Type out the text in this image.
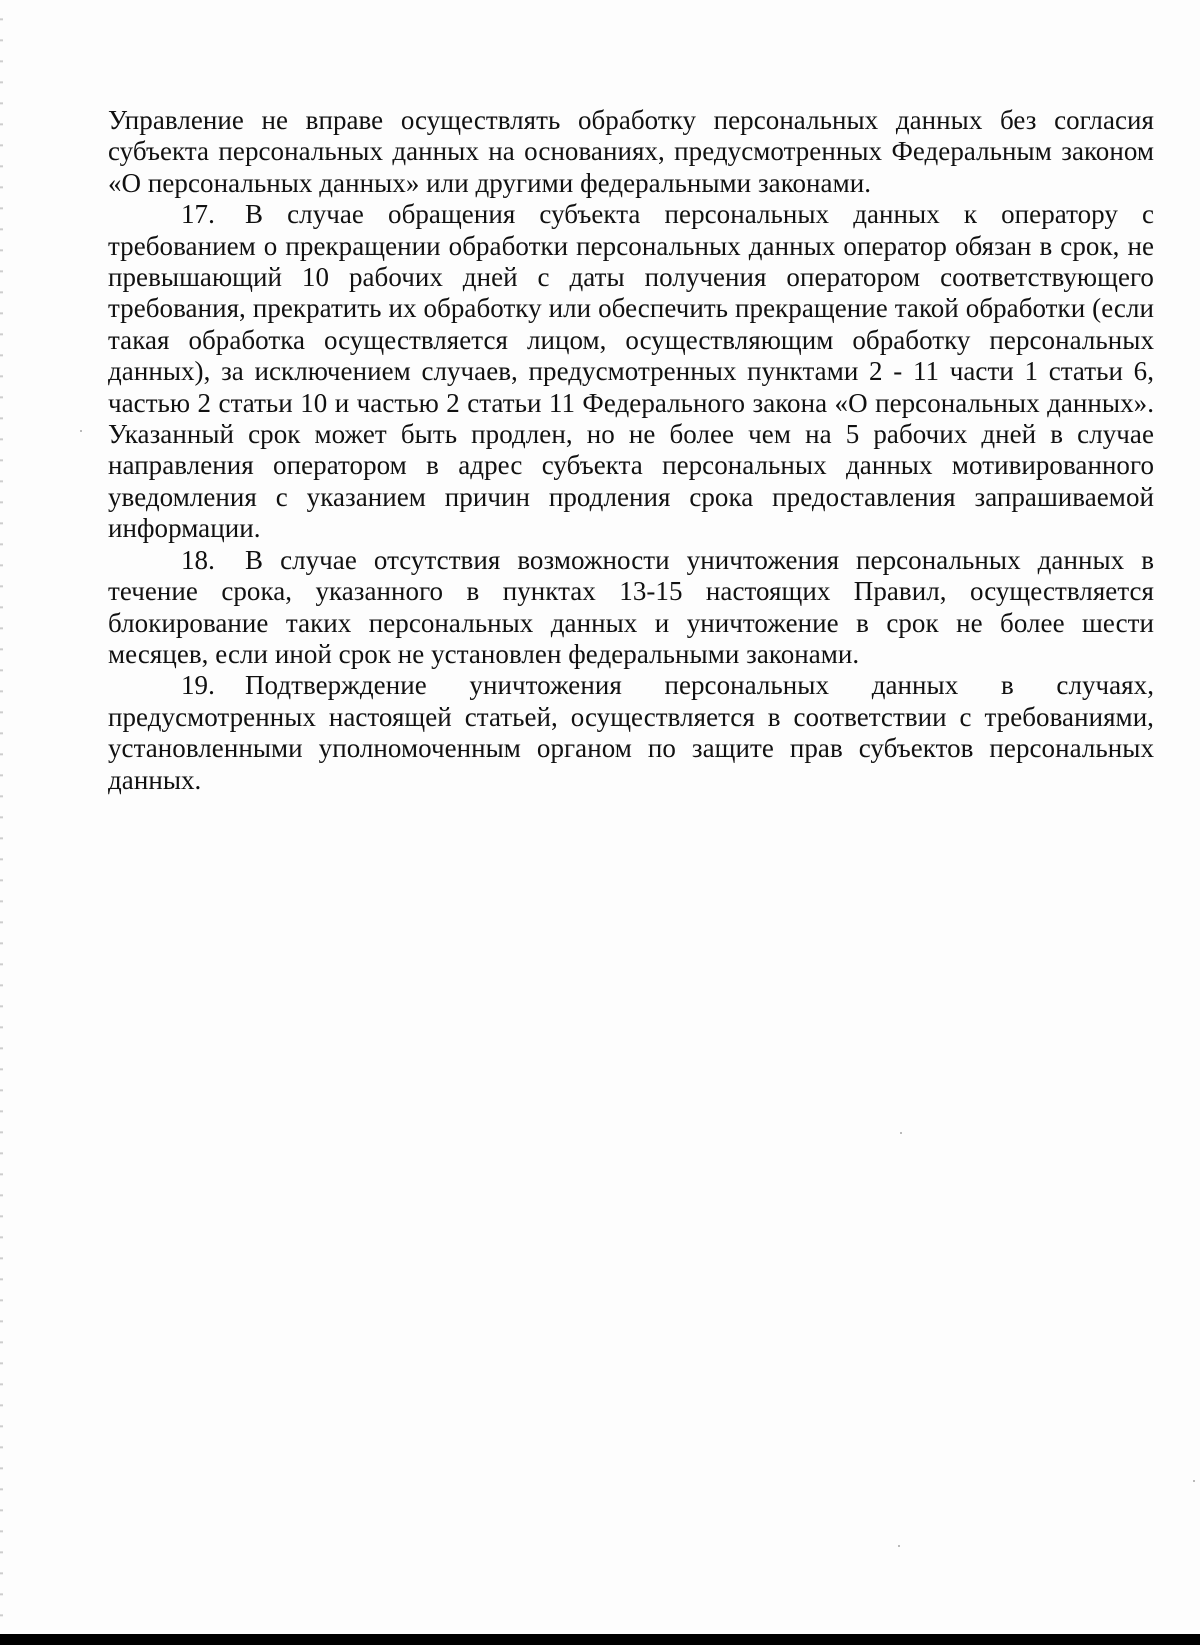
Управление не вправе осуществлять обработку персональных данных без согласия субъекта персональных данных на основаниях, предусмотренных Федеральным законом «О персональных данных» или другими федеральными законами.

17. В случае обращения субъекта персональных данных к оператору с требованием о прекращении обработки персональных данных оператор обязан в срок, не превышающий 10 рабочих дней с даты получения оператором соответствующего требования, прекратить их обработку или обеспечить прекращение такой обработки (если такая обработка осуществляется лицом, осуществляющим обработку персональных данных), за исключением случаев, предусмотренных пунктами 2 - 11 части 1 статьи 6, частью 2 статьи 10 и частью 2 статьи 11 Федерального закона «О персональных данных». Указанный срок может быть продлен, но не более чем на 5 рабочих дней в случае направления оператором в адрес субъекта персональных данных мотивированного уведомления с указанием причин продления срока предоставления запрашиваемой информации.

18. В случае отсутствия возможности уничтожения персональных данных в течение срока, указанного в пунктах 13-15 настоящих Правил, осуществляется блокирование таких персональных данных и уничтожение в срок не более шести месяцев, если иной срок не установлен федеральными законами.

19. Подтверждение уничтожения персональных данных в случаях, предусмотренных настоящей статьей, осуществляется в соответствии с требованиями, установленными уполномоченным органом по защите прав субъектов персональных данных.
